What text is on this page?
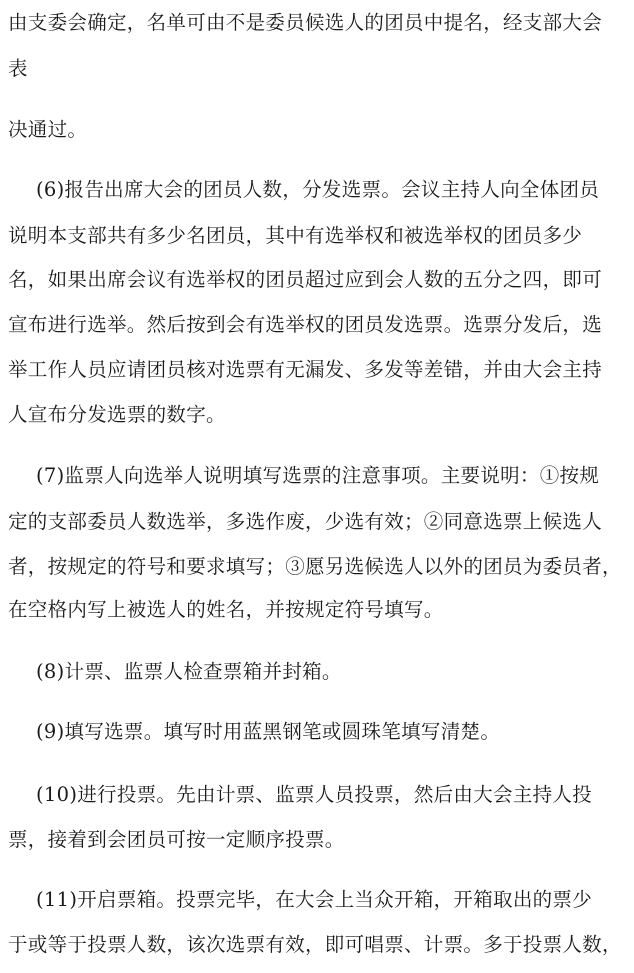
由支委会确定，名单可由不是委员候选人的团员中提名，经支部大会
表
决通过。
(6)报告出席大会的团员人数，分发选票。会议主持人向全体团员
说明本支部共有多少名团员，其中有选举权和被选举权的团员多少
名，如果出席会议有选举权的团员超过应到会人数的五分之四，即可
宣布进行选举。然后按到会有选举权的团员发选票。选票分发后，选
举工作人员应请团员核对选票有无漏发、多发等差错，并由大会主持
人宣布分发选票的数字。
(7)监票人向选举人说明填写选票的注意事项。主要说明：①按规
定的支部委员人数选举，多选作废，少选有效；②同意选票上候选人
者，按规定的符号和要求填写；③愿另选候选人以外的团员为委员者，
在空格内写上被选人的姓名，并按规定符号填写。
(8)计票、监票人检查票箱并封箱。
(9)填写选票。填写时用蓝黑钢笔或圆珠笔填写清楚。
(10)进行投票。先由计票、监票人员投票，然后由大会主持人投
票，接着到会团员可按一定顺序投票。
(11)开启票箱。投票完毕，在大会上当众开箱，开箱取出的票少
于或等于投票人数，该次选票有效，即可唱票、计票。多于投票人数，
